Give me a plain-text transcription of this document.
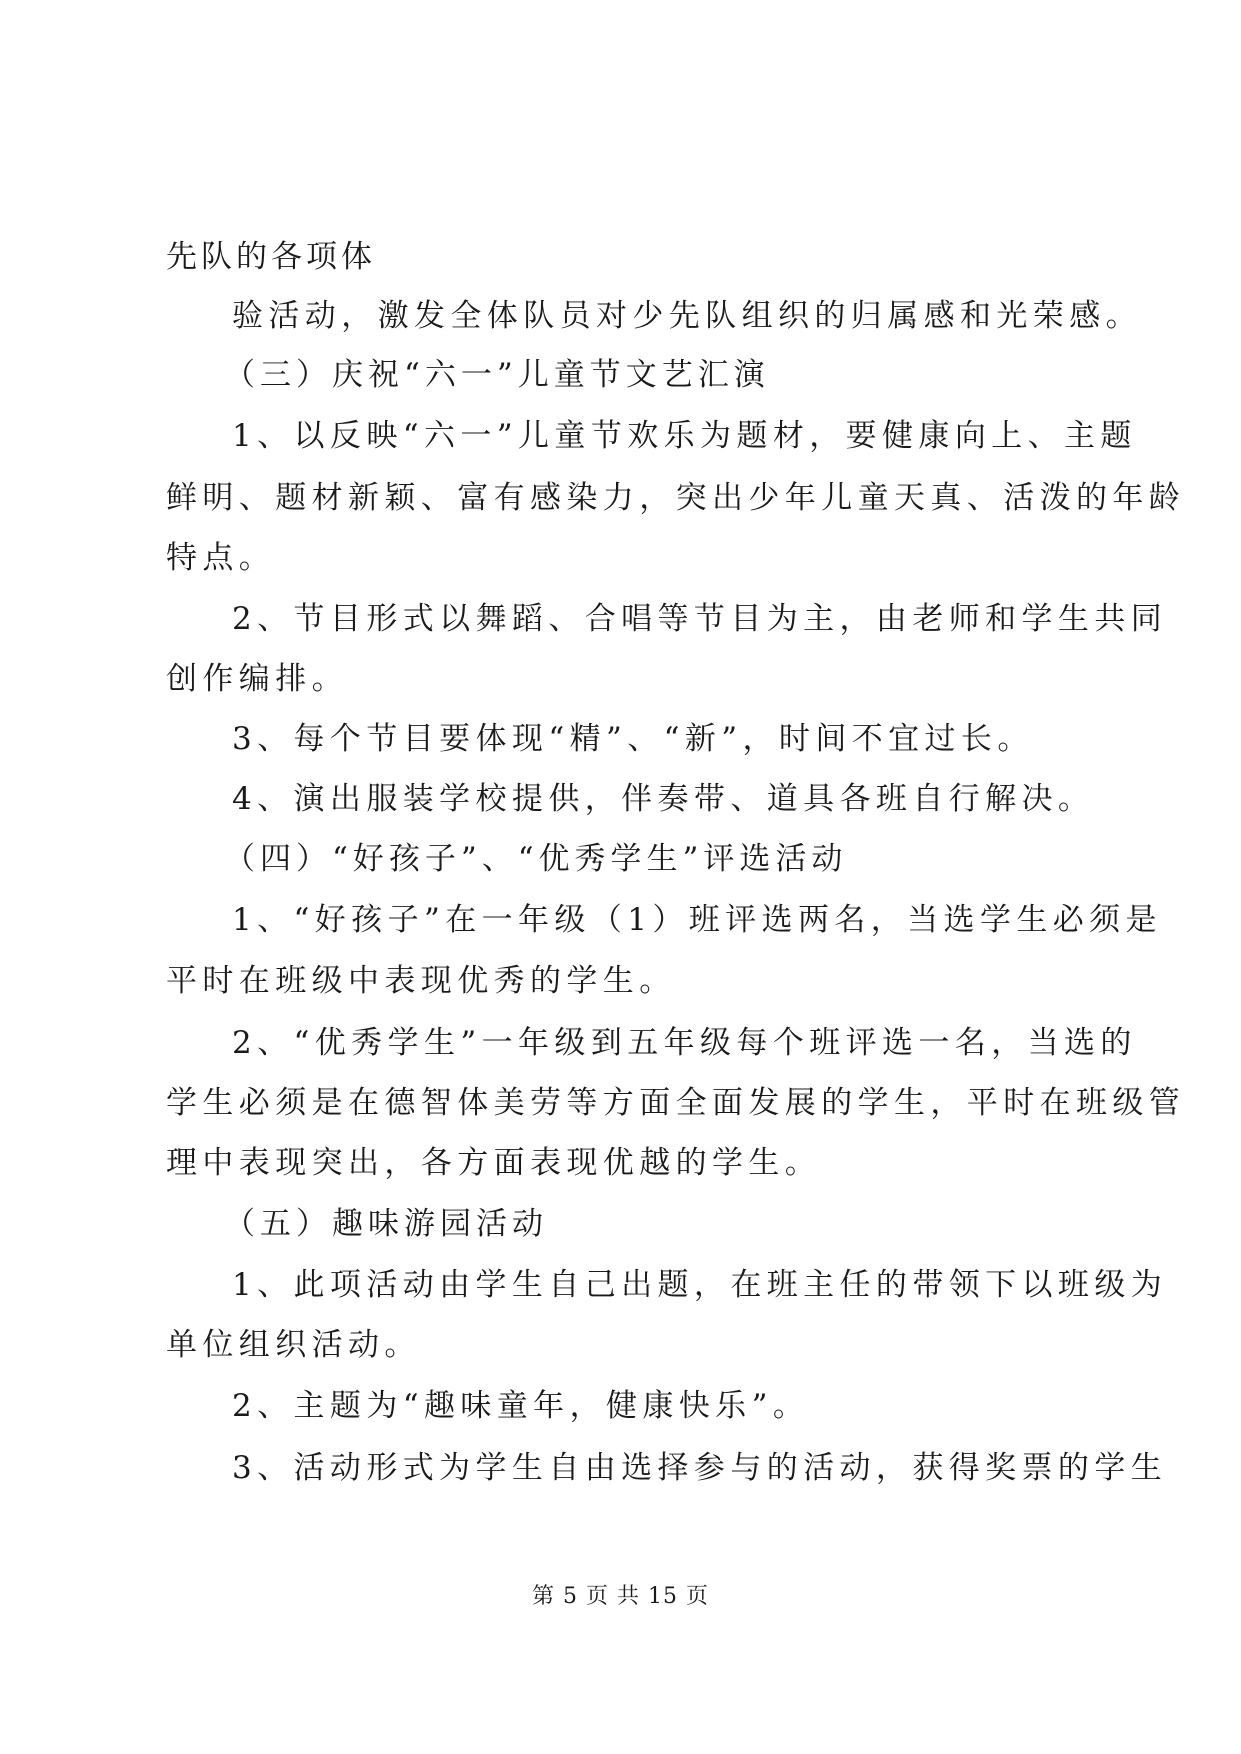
先队的各项体
验活动，激发全体队员对少先队组织的归属感和光荣感。
（三）庆祝“六一”儿童节文艺汇演
1、以反映“六一”儿童节欢乐为题材，要健康向上、主题
鲜明、题材新颖、富有感染力，突出少年儿童天真、活泼的年龄
特点。
2、节目形式以舞蹈、合唱等节目为主，由老师和学生共同
创作编排。
3、每个节目要体现“精”、“新”，时间不宜过长。
4、演出服装学校提供，伴奏带、道具各班自行解决。
（四）“好孩子”、“优秀学生”评选活动
1、“好孩子”在一年级（1）班评选两名，当选学生必须是
平时在班级中表现优秀的学生。
2、“优秀学生”一年级到五年级每个班评选一名，当选的
学生必须是在德智体美劳等方面全面发展的学生，平时在班级管
理中表现突出，各方面表现优越的学生。
（五）趣味游园活动
1、此项活动由学生自己出题，在班主任的带领下以班级为
单位组织活动。
2、主题为“趣味童年，健康快乐”。
3、活动形式为学生自由选择参与的活动，获得奖票的学生
第 5 页 共 15 页
